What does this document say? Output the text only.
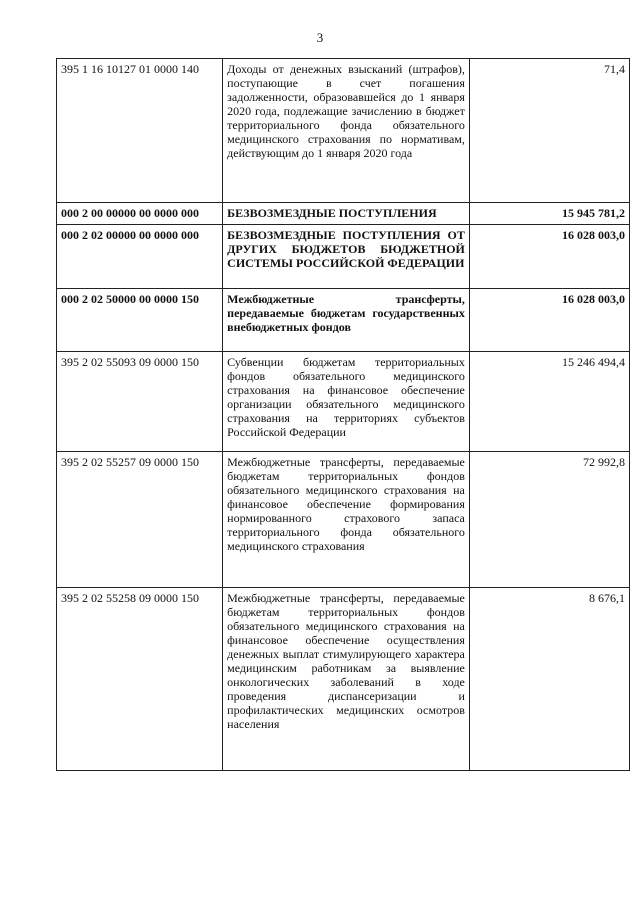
3
395 1 16 10127 01 0000 140	Доходы от денежных взысканий (штрафов), поступающие в счет погашения задолженности, образовавшейся до 1 января 2020 года, подлежащие зачислению в бюджет территориального фонда обязательного медицинского страхования по нормативам, действующим до 1 января 2020 года	71,4
000 2 00 00000 00 0000 000	БЕЗВОЗМЕЗДНЫЕ ПОСТУПЛЕНИЯ	15 945 781,2
000 2 02 00000 00 0000 000	БЕЗВОЗМЕЗДНЫЕ ПОСТУПЛЕНИЯ ОТ ДРУГИХ БЮДЖЕТОВ БЮДЖЕТНОЙ СИСТЕМЫ РОССИЙСКОЙ ФЕДЕРАЦИИ	16 028 003,0
000 2 02 50000 00 0000 150	Межбюджетные трансферты, передаваемые бюджетам государственных внебюджетных фондов	16 028 003,0
395 2 02 55093 09 0000 150	Субвенции бюджетам территориальных фондов обязательного медицинского страхования на финансовое обеспечение организации обязательного медицинского страхования на территориях субъектов Российской Федерации	15 246 494,4
395 2 02 55257 09 0000 150	Межбюджетные трансферты, передаваемые бюджетам территориальных фондов обязательного медицинского страхования на финансовое обеспечение формирования нормированного страхового запаса территориального фонда обязательного медицинского страхования	72 992,8
395 2 02 55258 09 0000 150	Межбюджетные трансферты, передаваемые бюджетам территориальных фондов обязательного медицинского страхования на финансовое обеспечение осуществления денежных выплат стимулирующего характера медицинским работникам за выявление онкологических заболеваний в ходе проведения диспансеризации и профилактических медицинских осмотров населения	8 676,1
